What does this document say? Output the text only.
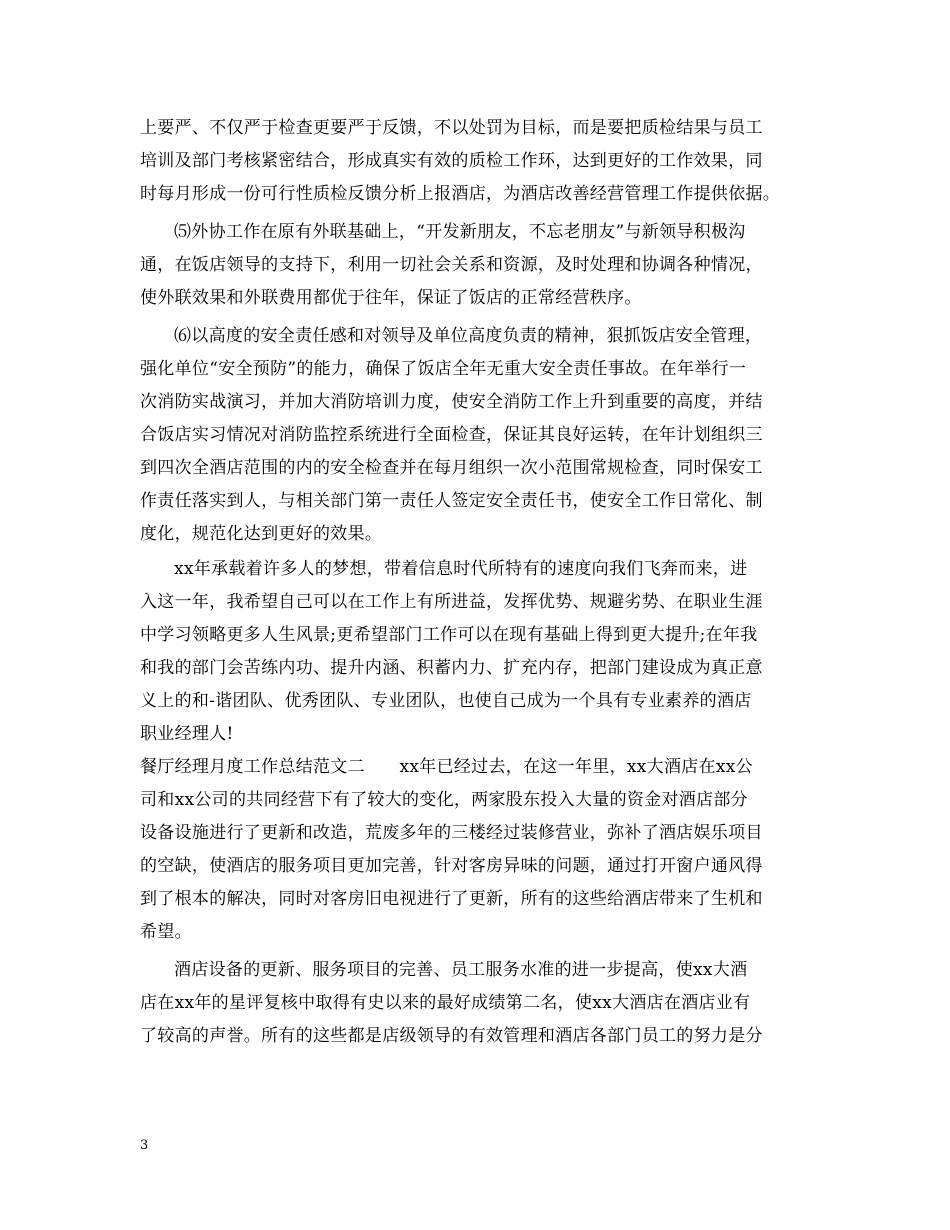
上要严、不仅严于检查更要严于反馈，不以处罚为目标，而是要把质检结果与员工
培训及部门考核紧密结合，形成真实有效的质检工作环，达到更好的工作效果，同
时每月形成一份可行性质检反馈分析上报酒店，为酒店改善经营管理工作提供依据。
⑸外协工作在原有外联基础上，“开发新朋友，不忘老朋友”与新领导积极沟
通，在饭店领导的支持下，利用一切社会关系和资源，及时处理和协调各种情况，
使外联效果和外联费用都优于往年，保证了饭店的正常经营秩序。
⑹以高度的安全责任感和对领导及单位高度负责的精神，狠抓饭店安全管理，
强化单位“安全预防”的能力，确保了饭店全年无重大安全责任事故。在年举行一
次消防实战演习，并加大消防培训力度，使安全消防工作上升到重要的高度，并结
合饭店实习情况对消防监控系统进行全面检查，保证其良好运转，在年计划组织三
到四次全酒店范围的内的安全检查并在每月组织一次小范围常规检查，同时保安工
作责任落实到人，与相关部门第一责任人签定安全责任书，使安全工作日常化、制
度化，规范化达到更好的效果。
xx年承载着许多人的梦想，带着信息时代所特有的速度向我们飞奔而来，进
入这一年，我希望自己可以在工作上有所进益，发挥优势、规避劣势、在职业生涯
中学习领略更多人生风景;更希望部门工作可以在现有基础上得到更大提升;在年我
和我的部门会苦练内功、提升内涵、积蓄内力、扩充内存，把部门建设成为真正意
义上的和-谐团队、优秀团队、专业团队，也使自己成为一个具有专业素养的酒店
职业经理人!
餐厅经理月度工作总结范文二　　xx年已经过去，在这一年里，xx大酒店在xx公
司和xx公司的共同经营下有了较大的变化，两家股东投入大量的资金对酒店部分
设备设施进行了更新和改造，荒废多年的三楼经过装修营业，弥补了酒店娱乐项目
的空缺，使酒店的服务项目更加完善，针对客房异味的问题，通过打开窗户通风得
到了根本的解决，同时对客房旧电视进行了更新，所有的这些给酒店带来了生机和
希望。
酒店设备的更新、服务项目的完善、员工服务水准的进一步提高，使xx大酒
店在xx年的星评复核中取得有史以来的最好成绩第二名，使xx大酒店在酒店业有
了较高的声誉。所有的这些都是店级领导的有效管理和酒店各部门员工的努力是分
3
